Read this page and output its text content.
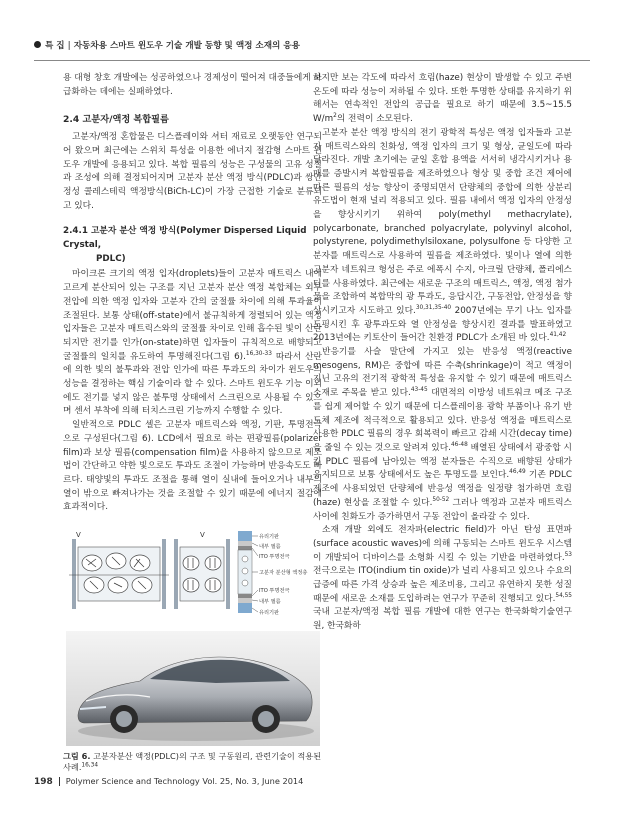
특 집 | 자동차용 스마트 윈도우 기술 개발 동향 및 액정 소재의 응용

용 대형 창호 개발에는 성공하였으나 경제성이 떨어져 대중들에게 보급화하는 데에는 실패하였다.

2.4 고분자/액정 복합필름

고분자/액정 혼합물은 디스플레이와 셔터 재료로 오랫동안 연구되어 왔으며 최근에는 스위치 특성을 이용한 에너지 절감형 스마트 윈도우 개발에 응용되고 있다. 복합 필름의 성능은 구성물의 고유 성질과 조성에 의해 결정되어지며 고분자 분산 액정 방식(PDLC)과 쌍안정성 콜레스테릭 액정방식(BiCh-LC)이 가장 근접한 기술로 분류되고 있다.

2.4.1 고분자 분산 액정 방식(Polymer Dispersed Liquid Crystal,
PDLC)

마이크론 크기의 액정 입자(droplets)들이 고분자 매트릭스 내에 고르게 분산되어 있는 구조를 지닌 고분자 분산 액정 복합체는 외부 전압에 의한 액정 입자와 고분자 간의 굴절률 차이에 의해 투과율이 조절된다. 보통 상태(off-state)에서 불규칙하게 정렬되어 있는 액정 입자들은 고분자 매트릭스와의 굴절률 차이로 인해 흡수된 빛이 산란되지만 전기를 인가(on-state)하면 입자들이 규칙적으로 배향되고 굴절률의 일치를 유도하여 투명해진다(그림 6).$^{16,30-33}$ 따라서 산란에 의한 빛의 불투과와 전압 인가에 따른 투과도의 차이가 윈도우의 성능을 결정하는 핵심 기술이라 할 수 있다. 스마트 윈도우 기능 이외에도 전기를 넣지 않은 불투명 상태에서 스크린으로 사용될 수 있으며 센서 부착에 의해 터치스크린 기능까지 수행할 수 있다.

일반적으로 PDLC 셀은 고분자 매트릭스와 액정, 기판, 투명전극으로 구성된다(그림 6). LCD에서 필요로 하는 편광필름(polarizer film)과 보상 필름(compensation film)을 사용하지 않으므로 제조법이 간단하고 약한 빛으로도 투과도 조절이 가능하며 반응속도도 빠르다. 태양빛의 투과도 조절을 통해 열이 실내에 들어오거나 내부의 열이 밖으로 빠져나가는 것을 조절할 수 있기 때문에 에너지 절감에 효과적이다.

V	V	유리기판
내부 필름
ITO 투명전극
고분자 분산형 액정층
ITO 투명전극
내부 필름
유리기판
그림 6. 고분자분산 액정(PDLC)의 구조 및 구동원리, 관련기술이 적용된 사례.$^{16,34}$

하지만 보는 각도에 따라서 흐림(haze) 현상이 발생할 수 있고 주변 온도에 따라 성능이 저하될 수 있다. 또한 투명한 상태를 유지하기 위해서는 연속적인 전압의 공급을 필요로 하기 때문에 3.5~15.5 $W/m^2$의 전력이 소모된다.

고분자 분산 액정 방식의 전기 광학적 특성은 액정 입자들과 고분자 매트릭스와의 친화성, 액정 입자의 크기 및 형상, 균일도에 따라 달라진다. 개발 초기에는 균일 혼합 용액을 서서히 냉각시키거나 용매를 증발시켜 복합필름을 제조하였으나 형상 및 중합 조건 제어에 따른 필름의 성능 향상이 중명되면서 단량체의 중합에 의한 상분리 유도법이 현재 널리 적용되고 있다. 필름 내에서 액정 입자의 안정성을 향상시키기 위하여 poly(methyl methacrylate), polycarbonate, branched polyacrylate, polyvinyl alcohol, polystyrene, polydimethylsiloxane, polysulfone 등 다양한 고분자를 매트릭스로 사용하여 필름을 제조하였다. 빛이나 열에 의한 고분자 네트워크 형성은 주로 에폭시 수지, 아크릴 단량체, 폴리에스터를 사용하였다. 최근에는 새로운 구조의 매트릭스, 액정, 액정 첨가물을 조합하여 복합막의 광 투과도, 응답시간, 구동전압, 안정성을 향상시키고자 시도하고 있다.$^{30,31,35-40}$ 2007년에는 무기 나노 입자를 도핑시킨 후 광투과도와 열 안정성을 향상시킨 결과를 발표하였고 2013년에는 키토산이 들어간 친환경 PDLC가 소개된 바 있다.$^{41,42}$

반응기를 사슬 말단에 가지고 있는 반응성 액정(reactive mesogens, RM)은 중합에 따른 수축(shrinkage)이 적고 액정이 지닌 고유의 전기적 광학적 특성을 유지할 수 있기 때문에 매트릭스 소재로 주목을 받고 있다.$^{43-45}$ 대면적의 이방성 네트워크 메조 구조를 쉽게 제어할 수 있기 때문에 디스플레이용 광학 부품이나 유기 반도체 제조에 적극적으로 활용되고 있다. 반응성 액정을 매트릭스로 사용한 PDLC 필름의 경우 회복력이 빠르고 감쇄 시간(decay time)을 줄일 수 있는 것으로 알려져 있다.$^{46-48}$ 배열된 상태에서 광중합 시킨 PDLC 필름에 남아있는 액정 분자들은 수직으로 배향된 상태가 유지되므로 보통 상태에서도 높은 투명도를 보인다.$^{46,49}$ 기존 PDLC 제조에 사용되었던 단량체에 반응성 액정을 일정량 첨가하면 흐림(haze) 현상을 조절할 수 있다.$^{50-52}$ 그러나 액정과 고분자 매트릭스 사이에 친화도가 증가하면서 구동 전압이 올라갈 수 있다.

소재 개발 외에도 전자파(electric field)가 아닌 탄성 표면파(surface acoustic waves)에 의해 구동되는 스마트 윈도우 시스템이 개발되어 디바이스를 소형화 시킬 수 있는 기반을 마련하였다.$^{53}$ 전극으로는 ITO(indium tin oxide)가 널리 사용되고 있으나 수요의 급증에 따른 가격 상승과 높은 제조비용, 그리고 유연하지 못한 성질 때문에 새로운 소재를 도입하려는 연구가 꾸준히 진행되고 있다.$^{54,55}$ 국내 고분자/액정 복합 필름 개발에 대한 연구는 한국화학기술연구원, 한국화하

198 Polymer Science and Technology Vol. 25, No. 3, June 2014
